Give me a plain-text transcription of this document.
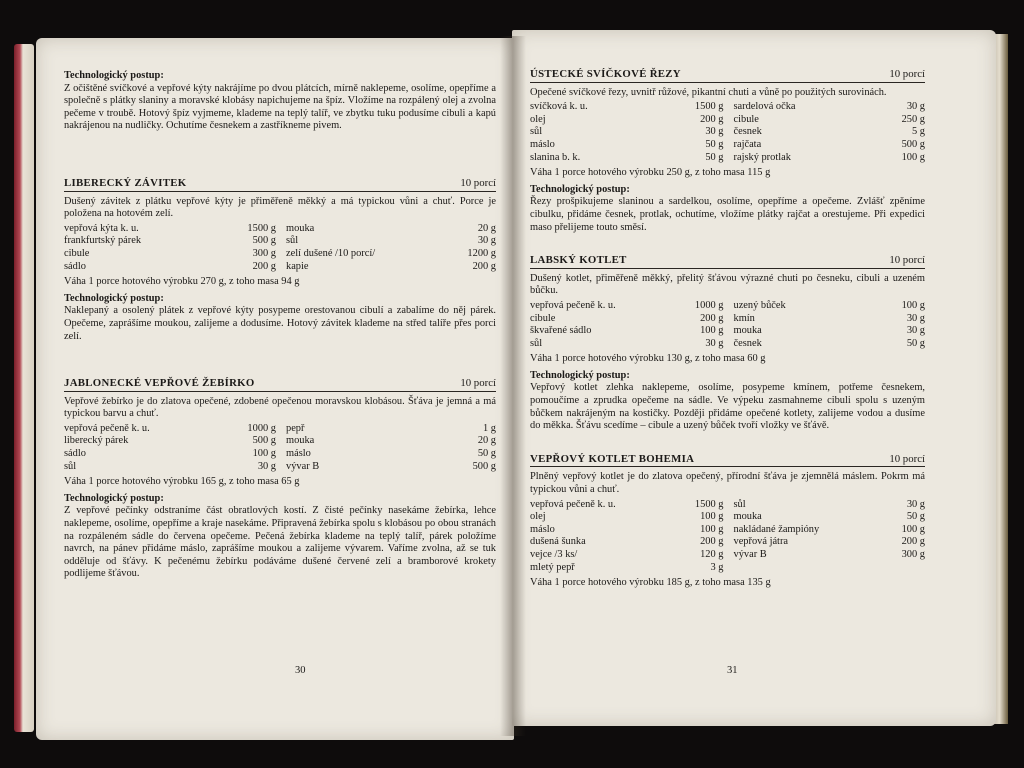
Technologický postup:

Z očištěné svíčkové a vepřové kýty nakrájíme po dvou plátcích, mírně naklepeme, osolíme, opepříme a společně s plátky slaniny a moravské klobásy napichujeme na špíz. Vložíme na rozpálený olej a zvolna pečeme v troubě. Hotový špíz vyjmeme, klademe na teplý talíř, ve zbytku tuku podusíme cibuli a kapú nakrájenou na nudličky. Ochutíme česnekem a zastříkneme pivem.

LIBERECKÝ ZÁVITEK	10 porcí

Dušený závitek z plátku vepřové kýty je přiměřeně měkký a má typickou vůni a chuť. Porce je položena na hotovém zelí.

vepřová kýta k. u.	1500 g mouka	20 g
frankfurtský párek	500 g sůl	30 g
cibule	300 g zelí dušené /10 porcí/	1200 g
sádlo	200 g kapie	200 g

Váha 1 porce hotového výrobku 270 g, z toho masa 94 g

Technologický postup:

Naklepaný a osolený plátek z vepřové kýty posypeme orestovanou cibulí a zabalíme do něj párek. Opečeme, zaprášíme moukou, zalijeme a dodusíme. Hotový závitek klademe na střed talíře přes porci zelí.

JABLONECKÉ VEPŘOVÉ ŽEBÍRKO	10 porcí

Vepřové žebírko je do zlatova opečené, zdobené opečenou moravskou klobásou. Šťáva je jemná a má typickou barvu a chuť.

vepřová pečeně k. u.	1000 g pepř	1 g
liberecký párek	500 g mouka	20 g
sádlo	100 g máslo	50 g
sůl	30 g vývar B	500 g

Váha 1 porce hotového výrobku 165 g, z toho masa 65 g

Technologický postup:

Z vepřové pečínky odstraníme část obratlových kostí. Z čisté pečínky nasekáme žebírka, lehce naklepeme, osolíme, opepříme a kraje nasekáme. Připravená žebírka spolu s klobásou po obou stranách na rozpáleném sádle do červena opečeme. Pečená žebírka klademe na teplý talíř, párek položíme navrch, na pánev přidáme máslo, zaprášíme moukou a zalijeme vývarem. Vaříme zvolna, až se tuk odděluje od šťávy. K pečenému žebírku podáváme dušené červené zelí a bramborové krokety podlijeme šťávou.

30
ÚSTECKÉ SVÍČKOVÉ ŘEZY	10 porcí

Opečené svíčkové řezy, uvnitř růžové, pikantní chuti a vůně po použitých surovinách.

svíčková k. u.	1500 g sardelová očka	30 g
olej	200 g cibule	250 g
sůl	30 g česnek	5 g
máslo	50 g rajčata	500 g
slanina b. k.	50 g rajský protlak	100 g

Váha 1 porce hotového výrobku 250 g, z toho masa 115 g

Technologický postup:

Řezy prošpikujeme slaninou a sardelkou, osolíme, opepříme a opečeme. Zvlášť zpěníme cibulku, přidáme česnek, protlak, ochutíme, vložíme plátky rajčat a orestujeme. Při expedici maso přelijeme touto směsí.

LABSKÝ KOTLET	10 porcí

Dušený kotlet, přiměřeně měkký, přelitý šťávou výrazné chuti po česneku, cibuli a uzeném bůčku.

vepřová pečeně k. u.	1000 g uzený bůček	100 g
cibule	200 g kmín	30 g
škvařené sádlo	100 g mouka	30 g
sůl	30 g česnek	50 g

Váha 1 porce hotového výrobku 130 g, z toho masa 60 g

Technologický postup:

Vepřový kotlet zlehka naklepeme, osolíme, posypeme kmínem, potřeme česnekem, pomoučíme a zprudka opečeme na sádle. Ve výpeku zasmahneme cibuli spolu s uzeným bůčkem nakrájeným na kostičky. Později přidáme opečené kotlety, zalijeme vodou a dusíme do měkka. Šťávu scedíme – cibule a uzený bůček tvoří vložky ve šťávě.

VEPŘOVÝ KOTLET BOHEMIA	10 porcí

Plněný vepřový kotlet je do zlatova opečený, přírodní šťáva je zjemnělá máslem. Pokrm má typickou vůni a chuť.

vepřová pečeně k. u.	1500 g sůl	30 g
olej	100 g mouka	50 g
máslo	100 g nakládané žampióny	100 g
dušená šunka	200 g vepřová játra	200 g
vejce /3 ks/	120 g vývar B	300 g
mletý pepř	3 g

Váha 1 porce hotového výrobku 185 g, z toho masa 135 g

31
